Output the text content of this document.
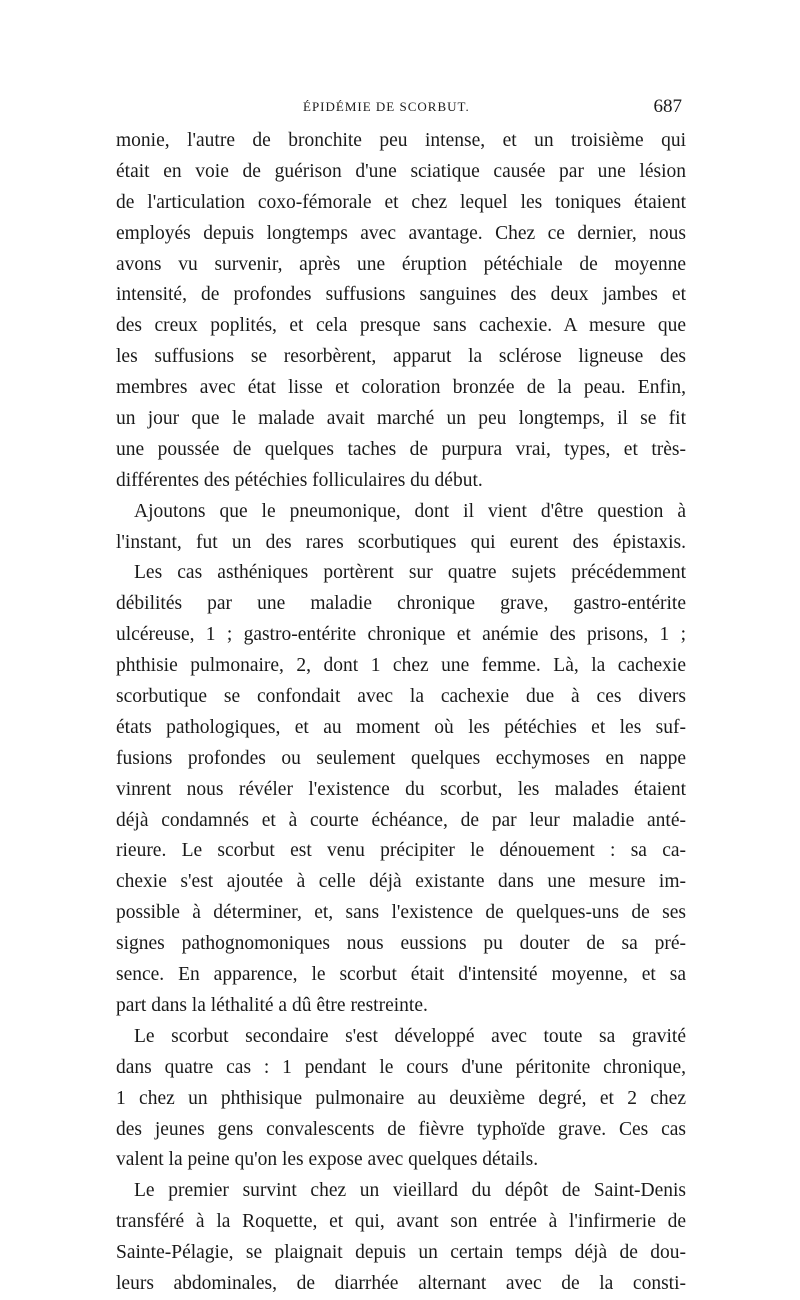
ÉPIDÉMIE DE SCORBUT.	687
monie, l'autre de bronchite peu intense, et un troisième qui
était en voie de guérison d'une sciatique causée par une lésion
de l'articulation coxo-fémorale et chez lequel les toniques étaient
employés depuis longtemps avec avantage. Chez ce dernier, nous
avons vu survenir, après une éruption pétéchiale de moyenne
intensité, de profondes suffusions sanguines des deux jambes et
des creux poplités, et cela presque sans cachexie. A mesure que
les suffusions se resorbèrent, apparut la sclérose ligneuse des
membres avec état lisse et coloration bronzée de la peau. Enfin,
un jour que le malade avait marché un peu longtemps, il se fit
une poussée de quelques taches de purpura vrai, types, et très-
différentes des pétéchies folliculaires du début.
Ajoutons que le pneumonique, dont il vient d'être question à
l'instant, fut un des rares scorbutiques qui eurent des épistaxis.
Les cas asthéniques portèrent sur quatre sujets précédemment
débilités par une maladie chronique grave, gastro-entérite
ulcéreuse, 1 ; gastro-entérite chronique et anémie des prisons, 1 ;
phthisie pulmonaire, 2, dont 1 chez une femme. Là, la cachexie
scorbutique se confondait avec la cachexie due à ces divers
états pathologiques, et au moment où les pétéchies et les suf-
fusions profondes ou seulement quelques ecchymoses en nappe
vinrent nous révéler l'existence du scorbut, les malades étaient
déjà condamnés et à courte échéance, de par leur maladie anté-
rieure. Le scorbut est venu précipiter le dénouement : sa ca-
chexie s'est ajoutée à celle déjà existante dans une mesure im-
possible à déterminer, et, sans l'existence de quelques-uns de ses
signes pathognomoniques nous eussions pu douter de sa pré-
sence. En apparence, le scorbut était d'intensité moyenne, et sa
part dans la léthalité a dû être restreinte.
Le scorbut secondaire s'est développé avec toute sa gravité
dans quatre cas : 1 pendant le cours d'une péritonite chronique,
1 chez un phthisique pulmonaire au deuxième degré, et 2 chez
des jeunes gens convalescents de fièvre typhoïde grave. Ces cas
valent la peine qu'on les expose avec quelques détails.
Le premier survint chez un vieillard du dépôt de Saint-Denis
transféré à la Roquette, et qui, avant son entrée à l'infirmerie de
Sainte-Pélagie, se plaignait depuis un certain temps déjà de dou-
leurs abdominales, de diarrhée alternant avec de la consti-
